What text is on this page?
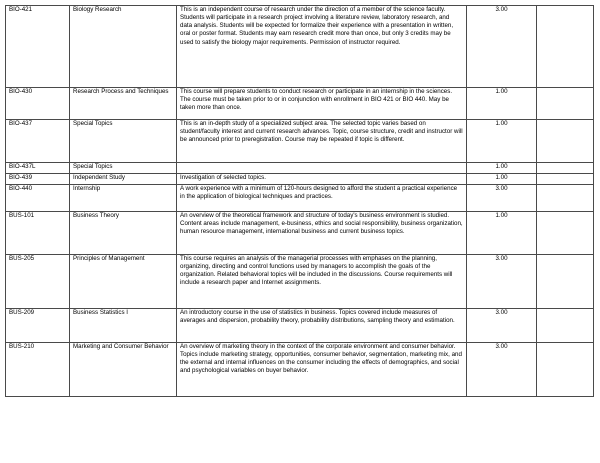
BIO-421	Biology Research	This is an independent course of research under the direction of a member of the science faculty. Students will participate in a research project involving a literature review, laboratory research, and data analysis. Students will be expected for formalize their experience with a presentation in written, oral or poster format. Students may earn research credit more than once, but only 3 credits may be used to satisfy the biology major requirements. Permission of instructor required.	3.00	
BIO-430	Research Process and Techniques	This course will prepare students to conduct research or participate in an internship in the sciences. The course must be taken prior to or in conjunction with enrollment in BIO 421 or BIO 440. May be taken more than once.	1.00	
BIO-437	Special Topics	This is an in-depth study of a specialized subject area. The selected topic varies based on student/faculty interest and current research advances. Topic, course structure, credit and instructor will be announced prior to preregistration. Course may be repeated if topic is different.	1.00	
BIO-437L	Special Topics		1.00	
BIO-439	Independent Study	Investigation of selected topics.	1.00	
BIO-440	Internship	A work experience with a minimum of 120-hours designed to afford the student a practical experience in the application of biological techniques and practices.	3.00	
BUS-101	Business Theory	An overview of the theoretical framework and structure of today's business environment is studied. Content areas include management, e-business, ethics and social responsibility, business organization, human resource management, international business and current business topics.	1.00	
BUS-205	Principles of Management	This course requires an analysis of the managerial processes with emphases on the planning, organizing, directing and control functions used by managers to accomplish the goals of the organization. Related behavioral topics will be included in the discussions. Course requirements will include a research paper and Internet assignments.	3.00	
BUS-209	Business Statistics I	An introductory course in the use of statistics in business. Topics covered include measures of averages and dispersion, probability theory, probability distributions, sampling theory and estimation.	3.00	
BUS-210	Marketing and Consumer Behavior	An overview of marketing theory in the context of the corporate environment and consumer behavior. Topics include marketing strategy, opportunities, consumer behavior, segmentation, marketing mix, and the external and internal influences on the consumer including the effects of demographics, and social and psychological variables on buyer behavior.	3.00	
